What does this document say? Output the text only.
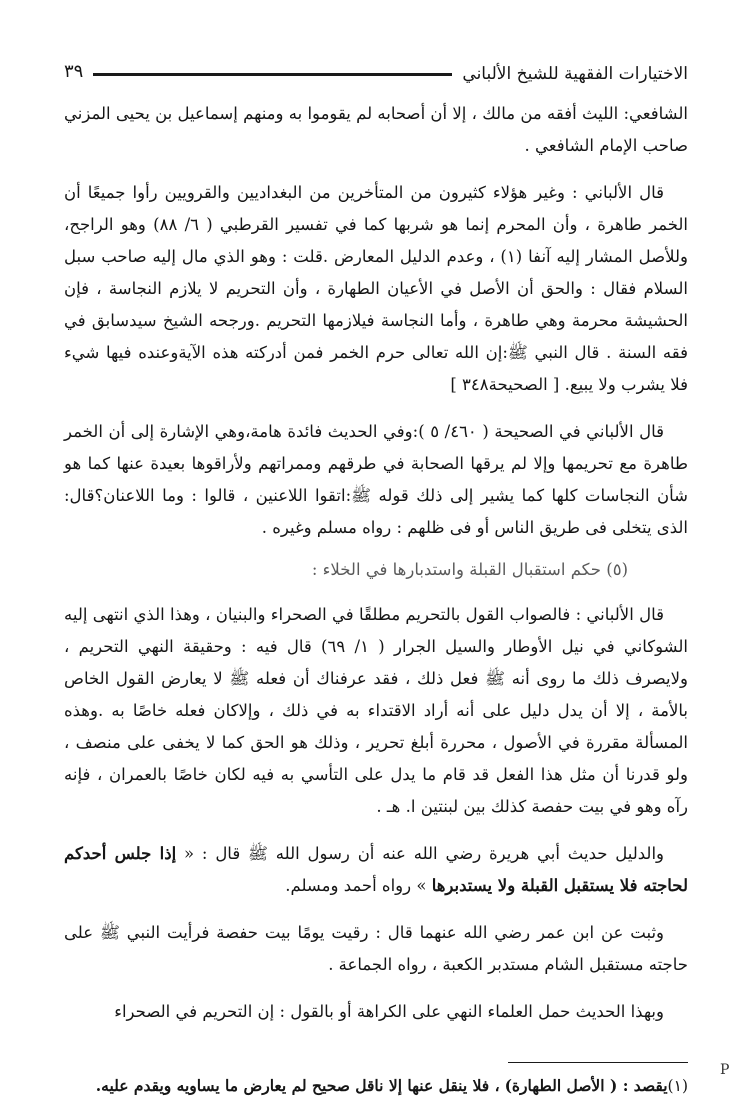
الاختيارات الفقهية للشيخ الألباني
٣٩

الشافعي: الليث أفقه من مالك ، إلا أن أصحابه لم يقوموا به ومنهم إسماعيل بن يحيى المزني صاحب الإمام الشافعي .

قال الألباني : وغير هؤلاء كثيرون من المتأخرين من البغداديين والقرويين رأوا جميعًا أن الخمر طاهرة ، وأن المحرم إنما هو شربها كما في تفسير القرطبي ( ٦/ ٨٨) وهو الراجح، وللأصل المشار إليه آنفا (١) ، وعدم الدليل المعارض .قلت : وهو الذي مال إليه صاحب سبل السلام فقال : والحق أن الأصل في الأعيان الطهارة ، وأن التحريم لا يلازم النجاسة ، فإن الحشيشة محرمة وهي طاهرة ، وأما النجاسة فيلازمها التحريم .ورجحه الشيخ سيدسابق في فقه السنة . قال النبي ﷺ:إن الله تعالى حرم الخمر فمن أدركته هذه الآيةوعنده فيها شيء فلا يشرب ولا يبيع. [ الصحيحة٣٤٨ ]

قال الألباني في الصحيحة ( ٤٦٠/ ٥ ):وفي الحديث فائدة هامة،وهي الإشارة إلى أن الخمر طاهرة مع تحريمها وإلا لم يرقها الصحابة في طرقهم وممراتهم ولأراقوها بعيدة عنها كما هو شأن النجاسات كلها كما يشير إلى ذلك قوله ﷺ:اتقوا اللاعنين ، قالوا : وما اللاعنان؟قال: الذى يتخلى فى طريق الناس أو فى ظلهم : رواه مسلم وغيره .

(٥) حكم استقبال القبلة واستدبارها في الخلاء :

قال الألباني : فالصواب القول بالتحريم مطلقًا في الصحراء والبنيان ، وهذا الذي انتهى إليه الشوكاني في نيل الأوطار والسيل الجرار ( ١/ ٦٩) قال فيه : وحقيقة النهي التحريم ، ولايصرف ذلك ما روى أنه ﷺ فعل ذلك ، فقد عرفناك أن فعله ﷺ لا يعارض القول الخاص بالأمة ، إلا أن يدل دليل على أنه أراد الاقتداء به في ذلك ، وإلاكان فعله خاصًا به .وهذه المسألة مقررة في الأصول ، محررة أبلغ تحرير ، وذلك هو الحق كما لا يخفى على منصف ، ولو قدرنا أن مثل هذا الفعل قد قام ما يدل على التأسي به فيه لكان خاصًا بالعمران ، فإنه رآه وهو في بيت حفصة كذلك بين لبنتين ا. هـ .

والدليل حديث أبي هريرة رضي الله عنه أن رسول الله ﷺ قال : « إذا جلس أحدكم لحاجته فلا يستقبل القبلة ولا يستدبرها » رواه أحمد ومسلم.

وثبت عن ابن عمر رضي الله عنهما قال : رقيت يومًا بيت حفصة فرأيت النبي ﷺ على حاجته مستقبل الشام مستدبر الكعبة ، رواه الجماعة .

وبهذا الحديث حمل العلماء النهي على الكراهة أو بالقول : إن التحريم في الصحراء

(١)يقصد : ( الأصل الطهارة) ، فلا ينقل عنها إلا ناقل صحيح لم يعارض ما يساويه ويقدم عليه.

P
